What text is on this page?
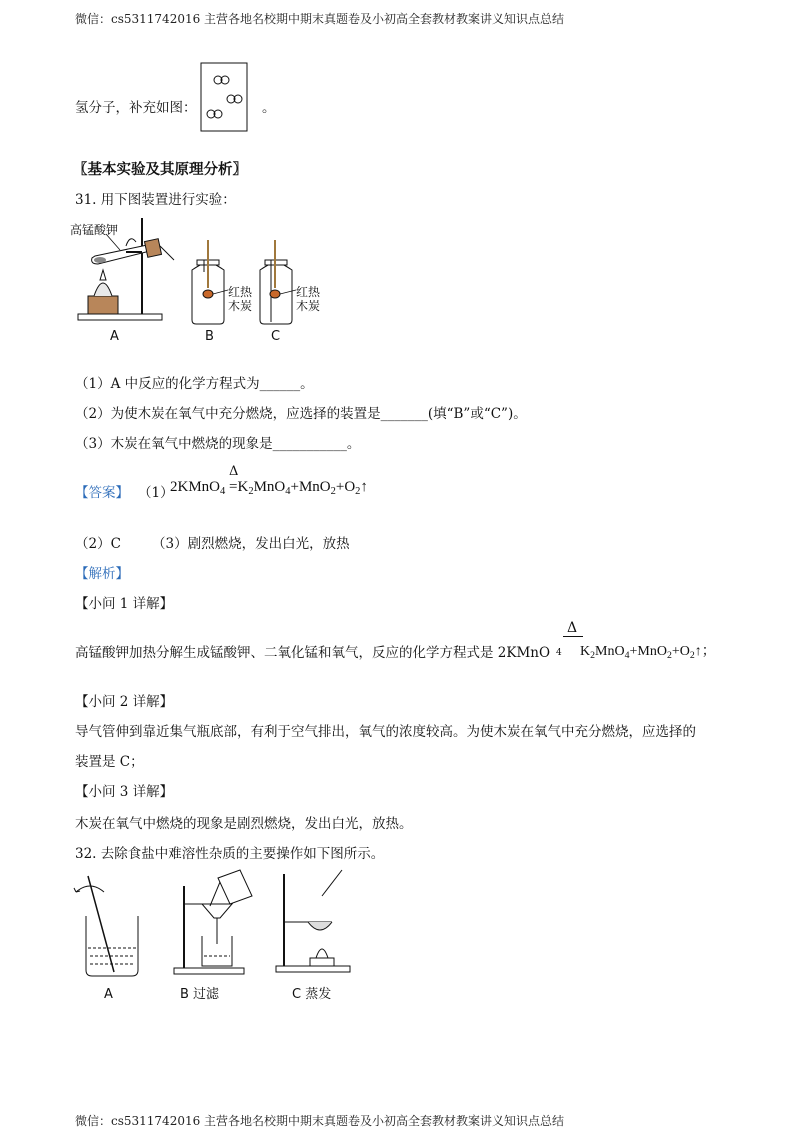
微信：cs5311742016 主营各地名校期中期末真题卷及小初高全套教材教案讲义知识点总结
微信：cs5311742016 主营各地名校期中期末真题卷及小初高全套教材教案讲义知识点总结
氢分子，补充如图：	。
〖基本实验及其原理分析〗
31. 用下图装置进行实验：
高锰酸钾
A
红热
木炭
B
红热
木炭
C
（1）A 中反应的化学方程式为______。
（2）为使木炭在氧气中充分燃烧，应选择的装置是_______(填“B”或“C”)。
（3）木炭在氧气中燃烧的现象是___________。
【答案】 （1）
2KMnO$_4$ $=K_2MnO_4+MnO_2+O_2↑$
Δ
（2）C （3）剧烈燃烧，发出白光，放热
【解析】
【小问 1 详解】
高锰酸钾加热分解生成锰酸钾、二氧化锰和氧气，反应的化学方程式是 2KMnO 4
Δ
$K_2MnO_4+MnO_2+O_2↑$；
【小问 2 详解】
导气管伸到靠近集气瓶底部，有利于空气排出，氧气的浓度较高。为使木炭在氧气中充分燃烧，应选择的
装置是 C；
【小问 3 详解】
木炭在氧气中燃烧的现象是剧烈燃烧，发出白光，放热。
32. 去除食盐中难溶性杂质的主要操作如下图所示。
A	B 过滤	C 蒸发
